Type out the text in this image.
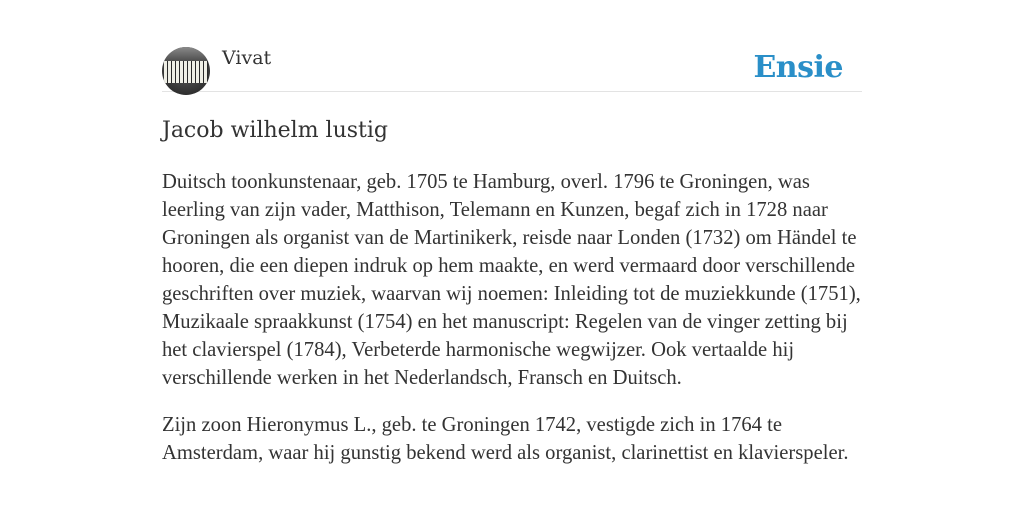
Vivat	Ensie
Jacob wilhelm lustig

Duitsch toonkunstenaar, geb. 1705 te Hamburg, overl. 1796 te Groningen, was leerling van zijn vader, Matthison, Telemann en Kunzen, begaf zich in 1728 naar Groningen als organist van de Martinikerk, reisde naar Londen (1732) om Händel te hooren, die een diepen indruk op hem maakte, en werd vermaard door verschillende geschriften over muziek, waarvan wij noemen: Inleiding tot de muziekkunde (1751), Muzikaale spraakkunst (1754) en het manuscript: Regelen van de vinger zetting bij het clavierspel (1784), Verbeterde harmonische wegwijzer. Ook vertaalde hij verschillende werken in het Nederlandsch, Fransch en Duitsch.

Zijn zoon Hieronymus L., geb. te Groningen 1742, vestigde zich in 1764 te Amsterdam, waar hij gunstig bekend werd als organist, clarinettist en klavierspeler.
